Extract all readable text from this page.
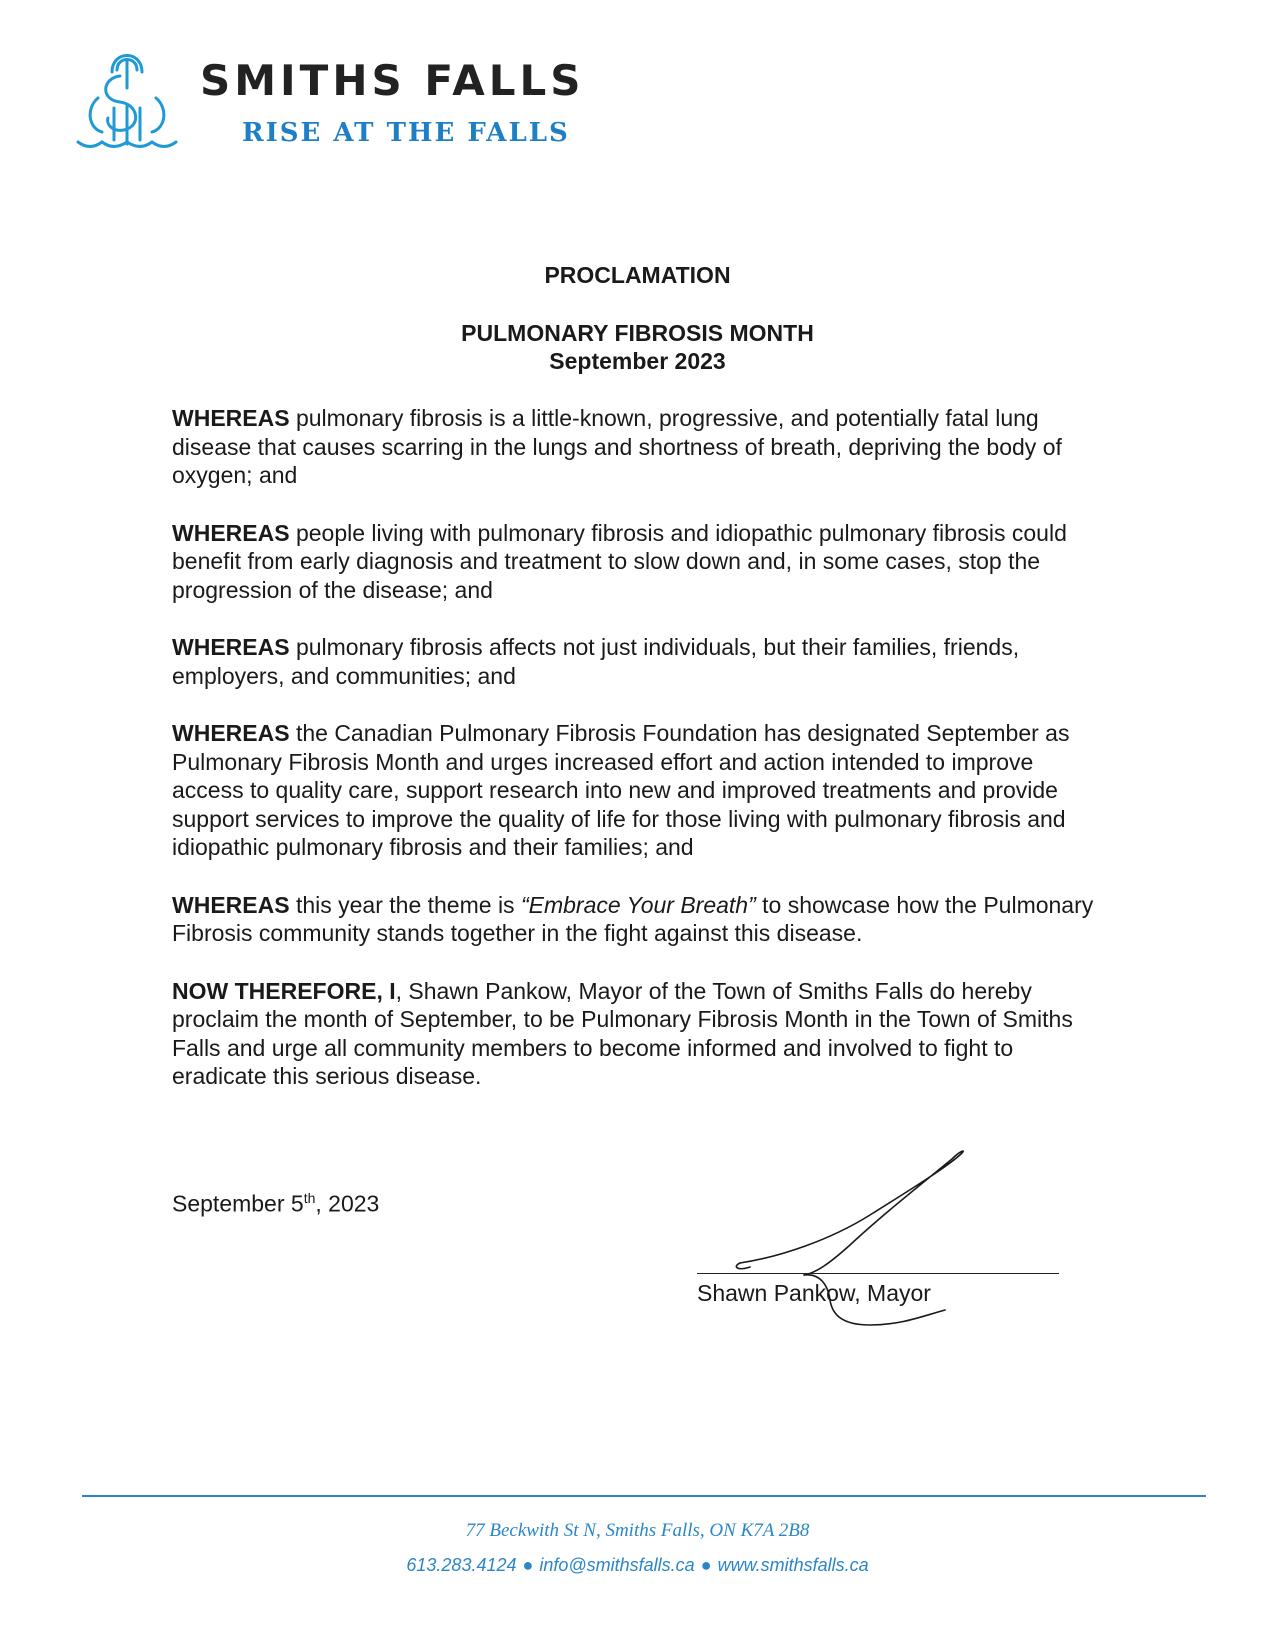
SMITHS FALLS
RISE AT THE FALLS
PROCLAMATION
PULMONARY FIBROSIS MONTH
September 2023

WHEREAS pulmonary fibrosis is a little-known, progressive, and potentially fatal lung disease that causes scarring in the lungs and shortness of breath, depriving the body of oxygen; and

WHEREAS people living with pulmonary fibrosis and idiopathic pulmonary fibrosis could benefit from early diagnosis and treatment to slow down and, in some cases, stop the progression of the disease; and

WHEREAS pulmonary fibrosis affects not just individuals, but their families, friends, employers, and communities; and

WHEREAS the Canadian Pulmonary Fibrosis Foundation has designated September as Pulmonary Fibrosis Month and urges increased effort and action intended to improve access to quality care, support research into new and improved treatments and provide support services to improve the quality of life for those living with pulmonary fibrosis and idiopathic pulmonary fibrosis and their families; and

WHEREAS this year the theme is “Embrace Your Breath” to showcase how the Pulmonary Fibrosis community stands together in the fight against this disease.

NOW THEREFORE, I, Shawn Pankow, Mayor of the Town of Smiths Falls do hereby proclaim the month of September, to be Pulmonary Fibrosis Month in the Town of Smiths Falls and urge all community members to become informed and involved to fight to eradicate this serious disease.

September 5th, 2023
Shawn Pankow, Mayor
77 Beckwith St N, Smiths Falls, ON K7A 2B8
613.283.4124 ● info@smithsfalls.ca ● www.smithsfalls.ca
